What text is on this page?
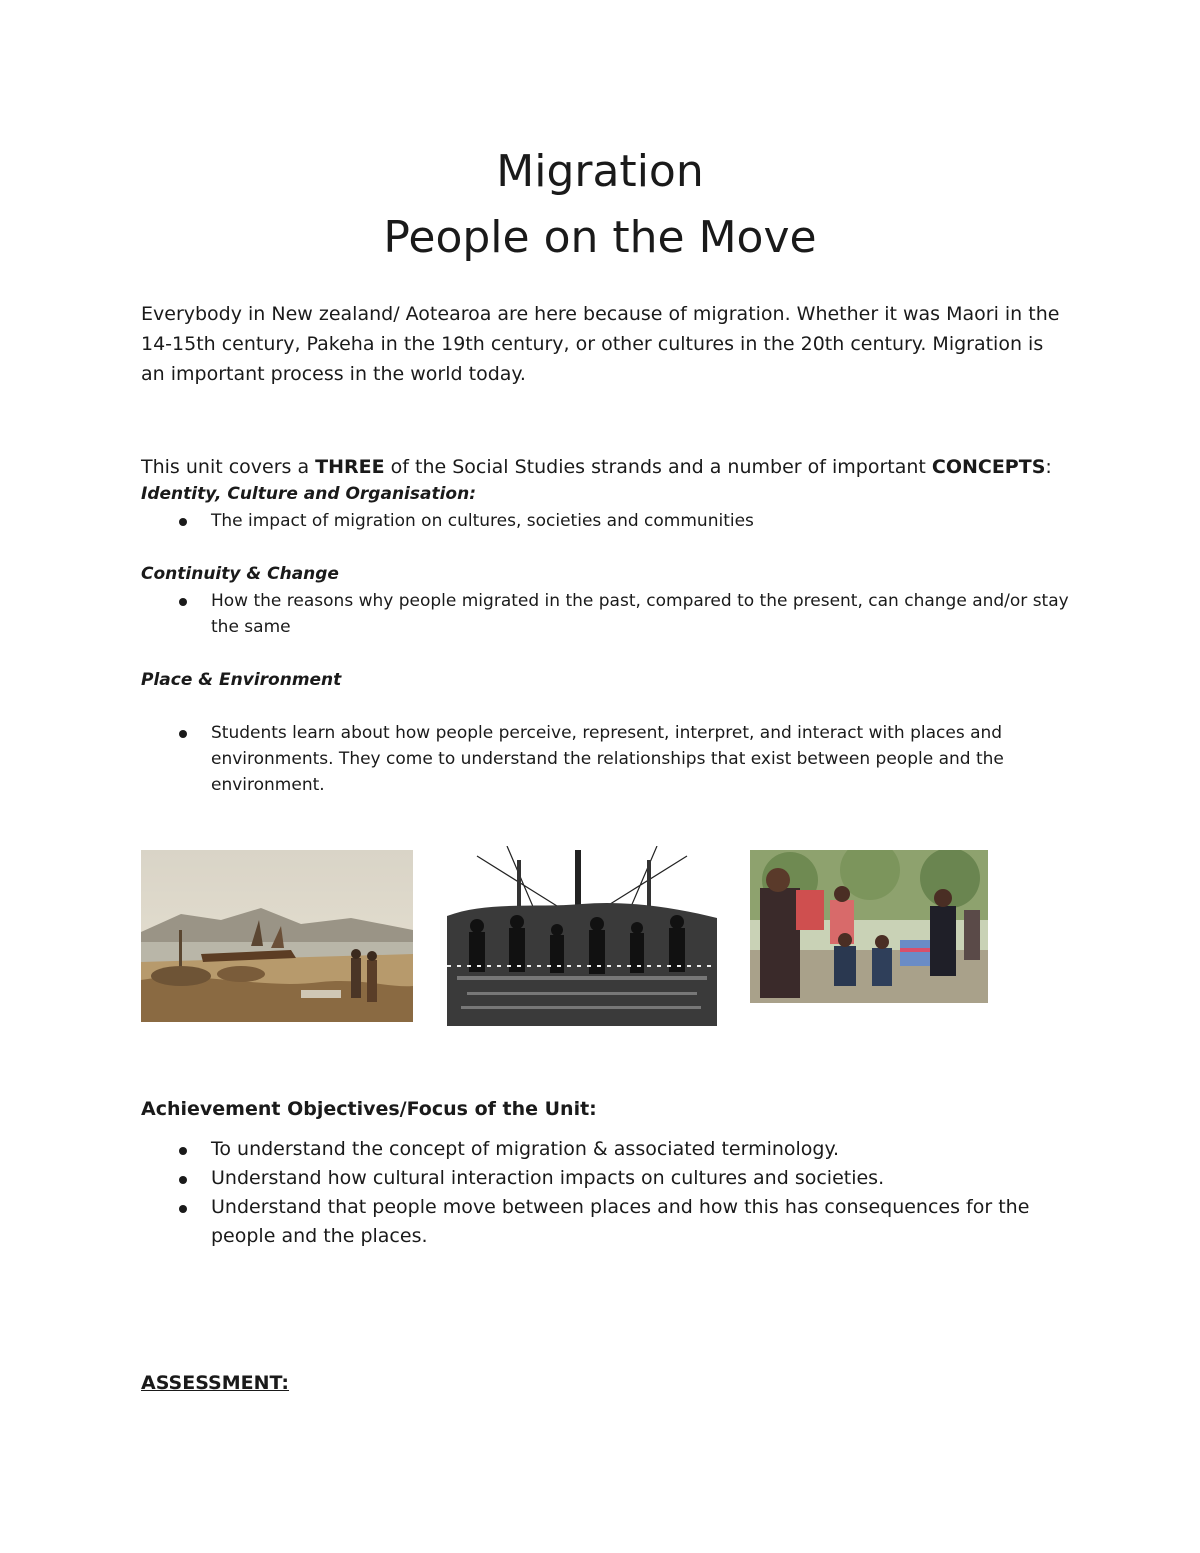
Migration
People on the Move

Everybody in New zealand/ Aotearoa are here because of migration. Whether it was Maori in the 14-15th century, Pakeha in the 19th century, or other cultures in the 20th century. Migration is an important process in the world today.

This unit covers a THREE of the Social Studies strands and a number of important CONCEPTS:

Identity, Culture and Organisation:

The impact of migration on cultures, societies and communities

Continuity & Change

How the reasons why people migrated in the past, compared to the present, can change and/or stay the same

Place & Environment

Students learn about how people perceive, represent, interpret, and interact with places and environments. They come to understand the relationships that exist between people and the environment.

Achievement Objectives/Focus of the Unit:

To understand the concept of migration & associated terminology.
Understand how cultural interaction impacts on cultures and societies.
Understand that people move between places and how this has consequences for the people and the places.

ASSESSMENT:
